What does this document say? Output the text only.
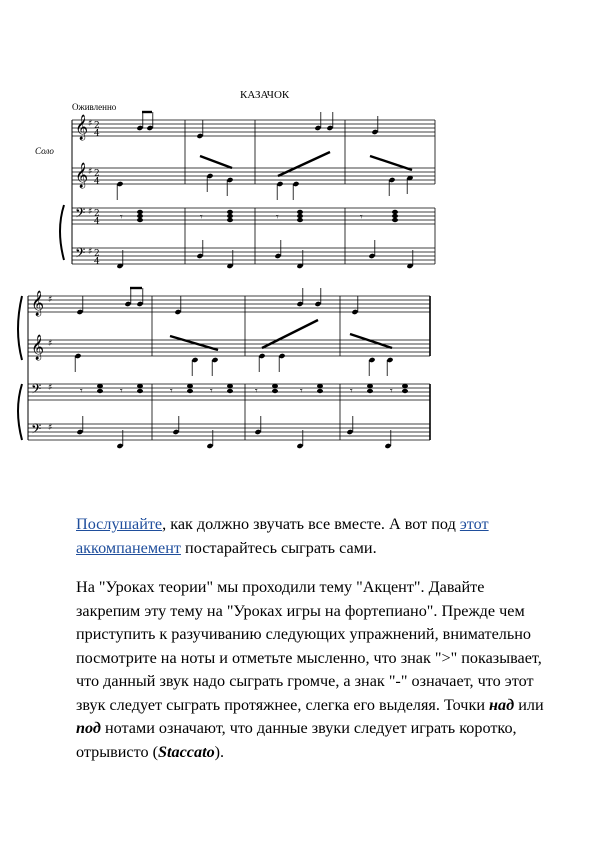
КАЗАЧОК
Оживленно
Соло
𝄞 2
4
♯
𝄞 2
4
♯
𝄢 2
4
♯
𝄢 2
4
♯
𝄾	𝄾	𝄾	𝄾
𝄞 ♯
𝄞 ♯
𝄢 ♯
𝄢 ♯
𝄾	𝄾	𝄾	𝄾	𝄾	𝄾	𝄾	𝄾

Послушайте, как должно звучать все вместе. А вот под этот аккомпанемент постарайтесь сыграть сами.

На "Уроках теории" мы проходили тему "Акцент". Давайте закрепим эту тему на "Уроках игры на фортепиано". Прежде чем приступить к разучиванию следующих упражнений, внимательно посмотрите на ноты и отметьте мысленно, что знак ">" показывает, что данный звук надо сыграть громче, а знак "-" означает, что этот звук следует сыграть протяжнее, слегка его выделяя. Точки над или под нотами означают, что данные звуки следует играть коротко, отрывисто (Staccato).
